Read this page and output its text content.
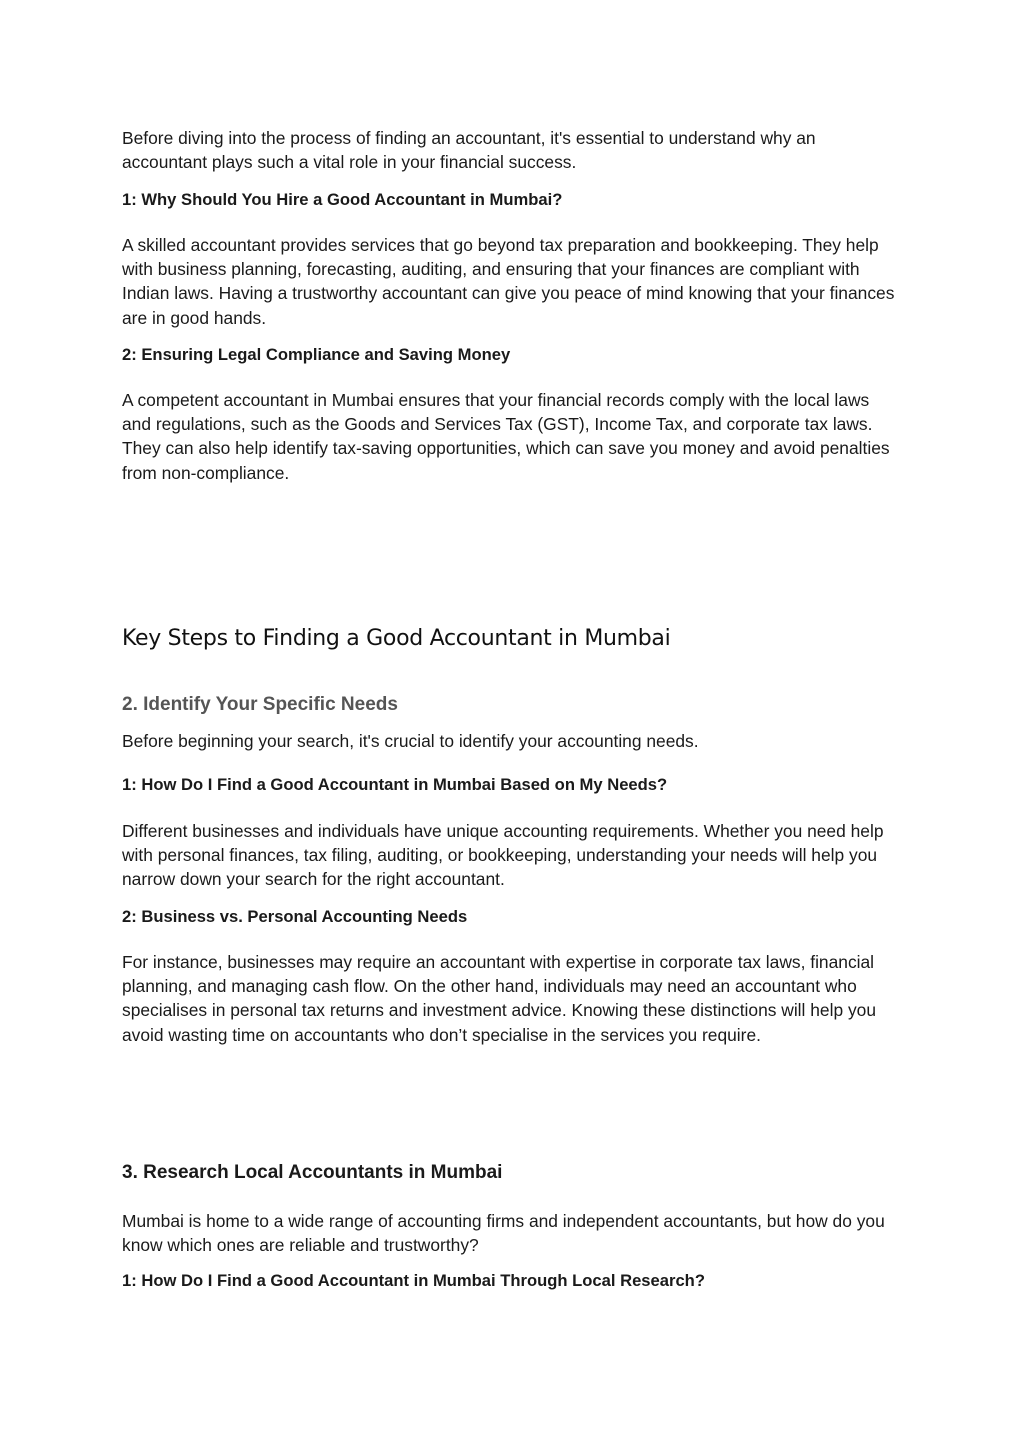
Before diving into the process of finding an accountant, it's essential to understand why an accountant plays such a vital role in your financial success.

1: Why Should You Hire a Good Accountant in Mumbai?

A skilled accountant provides services that go beyond tax preparation and bookkeeping. They help with business planning, forecasting, auditing, and ensuring that your finances are compliant with Indian laws. Having a trustworthy accountant can give you peace of mind knowing that your finances are in good hands.

2: Ensuring Legal Compliance and Saving Money

A competent accountant in Mumbai ensures that your financial records comply with the local laws and regulations, such as the Goods and Services Tax (GST), Income Tax, and corporate tax laws. They can also help identify tax-saving opportunities, which can save you money and avoid penalties from non-compliance.

Key Steps to Finding a Good Accountant in Mumbai
2. Identify Your Specific Needs

Before beginning your search, it's crucial to identify your accounting needs.

1: How Do I Find a Good Accountant in Mumbai Based on My Needs?

Different businesses and individuals have unique accounting requirements. Whether you need help with personal finances, tax filing, auditing, or bookkeeping, understanding your needs will help you narrow down your search for the right accountant.

2: Business vs. Personal Accounting Needs

For instance, businesses may require an accountant with expertise in corporate tax laws, financial planning, and managing cash flow. On the other hand, individuals may need an accountant who specialises in personal tax returns and investment advice. Knowing these distinctions will help you avoid wasting time on accountants who don’t specialise in the services you require.

3. Research Local Accountants in Mumbai

Mumbai is home to a wide range of accounting firms and independent accountants, but how do you know which ones are reliable and trustworthy?

1: How Do I Find a Good Accountant in Mumbai Through Local Research?
